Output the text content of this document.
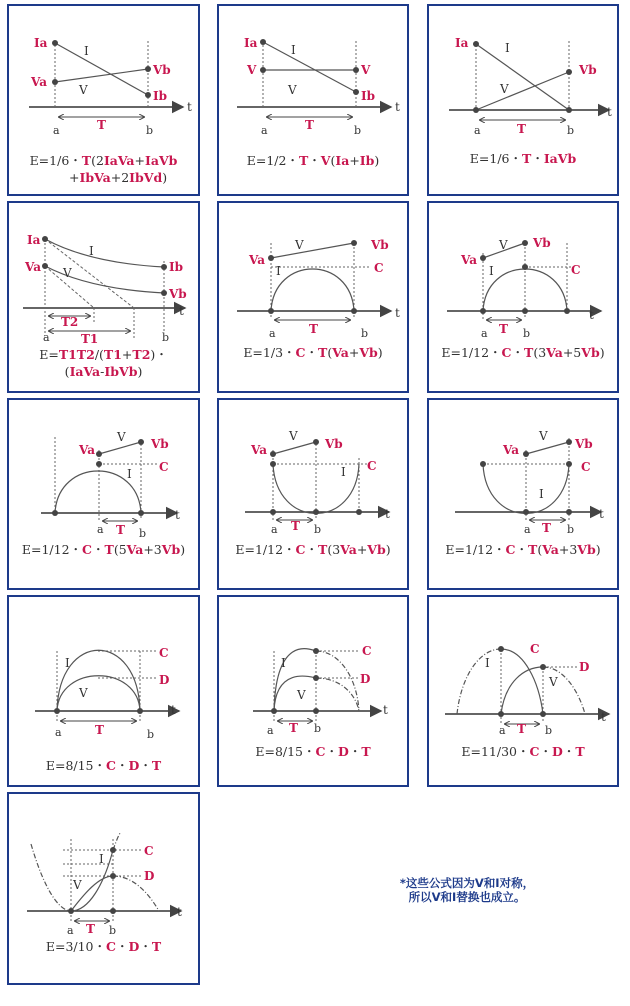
Ia
Va
Vb
Ib
I
V
t
a	b
T
E=1/6・T(2IaVa+IaVb
+IbVa+2IbVd)
Ia
V	V
Ib
I
V
t
a	b
T
E=1/2・T・V(Ia+Ib)
Ia
Vb
I
V
t
a	b
T
E=1/6・T・IaVb
Ia
Va	Ib
Vb
I
V
t
a	b
T2
T1
E=T1T2/(T1+T2)・
(IaVa-IbVb)
Va
Vb
V
I	C
t
a	b
T
E=1/3・C・T(Va+Vb)
Va
Vb
V
I	C
t
a	b
T
E=1/12・C・T(3Va+5Vb)
Va	Vb
V
I C
t
a	b
T
E=1/12・C・T(5Va+3Vb)
Va	Vb
V
I C
t
a	b
T
E=1/12・C・T(3Va+Vb)
Va	Vb
V
I
C
t
a	b
T
E=1/12・C・T(Va+3Vb)
I
V
C
D
t
a	b
T
E=8/15・C・D・T
I
V
C
D
t
a	b
T
E=8/15・C・D・T
I
V
C
D
t
a	b
T
E=11/30・C・D・T
I
V
C
D
t
a	b
T
E=3/10・C・D・T
*这些公式因为V和I对称，
所以V和I替换也成立。
